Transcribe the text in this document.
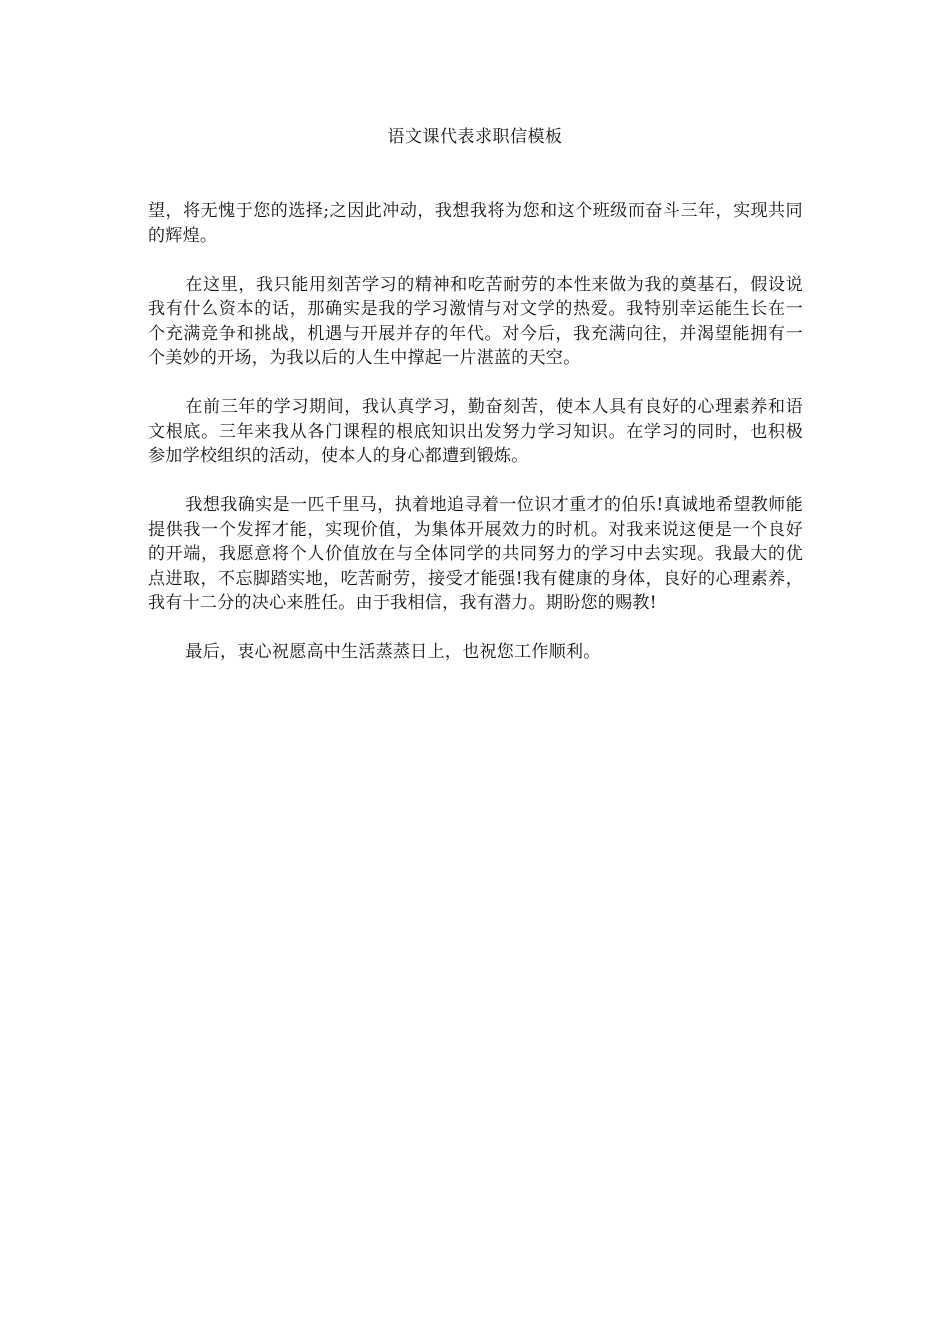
语文课代表求职信模板

望，将无愧于您的选择;之因此冲动，我想我将为您和这个班级而奋斗三年，实现共同的辉煌。

在这里，我只能用刻苦学习的精神和吃苦耐劳的本性来做为我的奠基石，假设说我有什么资本的话，那确实是我的学习激情与对文学的热爱。我特别幸运能生长在一个充满竞争和挑战，机遇与开展并存的年代。对今后，我充满向往，并渴望能拥有一个美妙的开场，为我以后的人生中撑起一片湛蓝的天空。

在前三年的学习期间，我认真学习，勤奋刻苦，使本人具有良好的心理素养和语文根底。三年来我从各门课程的根底知识出发努力学习知识。在学习的同时，也积极参加学校组织的活动，使本人的身心都遭到锻炼。

我想我确实是一匹千里马，执着地追寻着一位识才重才的伯乐!真诚地希望教师能提供我一个发挥才能，实现价值，为集体开展效力的时机。对我来说这便是一个良好的开端，我愿意将个人价值放在与全体同学的共同努力的学习中去实现。我最大的优点进取，不忘脚踏实地，吃苦耐劳，接受才能强!我有健康的身体，良好的心理素养，我有十二分的决心来胜任。由于我相信，我有潜力。期盼您的赐教!

最后，衷心祝愿高中生活蒸蒸日上，也祝您工作顺利。
